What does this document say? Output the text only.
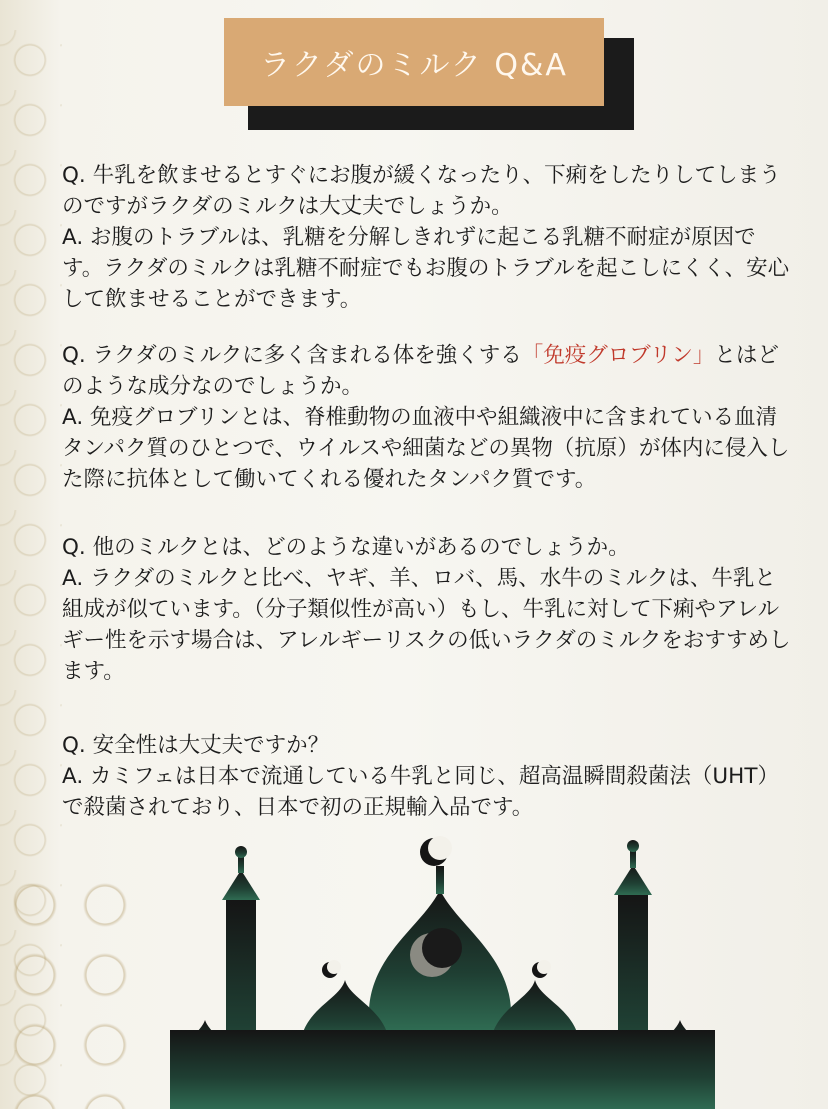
ラクダのミルク Q&A

Q. 牛乳を飲ませるとすぐにお腹が緩くなったり、下痢をしたりしてしまうのですがラクダのミルクは大丈夫でしょうか。

A. お腹のトラブルは、乳糖を分解しきれずに起こる乳糖不耐症が原因です。ラクダのミルクは乳糖不耐症でもお腹のトラブルを起こしにくく、安心して飲ませることができます。

Q. ラクダのミルクに多く含まれる体を強くする「免疫グロブリン」とはどのような成分なのでしょうか。

A. 免疫グロブリンとは、脊椎動物の血液中や組織液中に含まれている血清タンパク質のひとつで、ウイルスや細菌などの異物（抗原）が体内に侵入した際に抗体として働いてくれる優れたタンパク質です。

Q. 他のミルクとは、どのような違いがあるのでしょうか。

A. ラクダのミルクと比べ、ヤギ、羊、ロバ、馬、水牛のミルクは、牛乳と組成が似ています。（分子類似性が高い）もし、牛乳に対して下痢やアレルギー性を示す場合は、アレルギーリスクの低いラクダのミルクをおすすめします。

Q. 安全性は大丈夫ですか？

A. カミフェは日本で流通している牛乳と同じ、超高温瞬間殺菌法（UHT）で殺菌されており、日本で初の正規輸入品です。
